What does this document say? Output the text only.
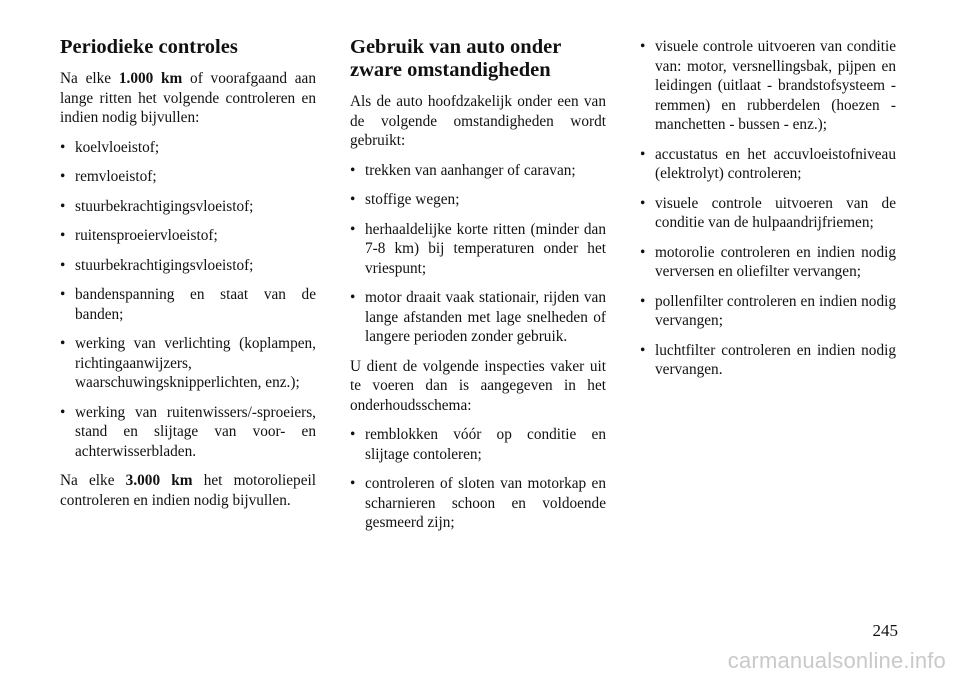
Periodieke controles

Na elke 1.000 km of voorafgaand aan lange ritten het volgende controleren en indien nodig bijvullen:

• koelvloeistof;
• remvloeistof;
• stuurbekrachtigingsvloeistof;
• ruitensproeiervloeistof;
• stuurbekrachtigingsvloeistof;
• bandenspanning en staat van de banden;
• werking van verlichting (koplampen, richtingaanwijzers, waarschuwingsknipperlichten, enz.);
• werking van ruitenwissers/-sproeiers, stand en slijtage van voor- en achterwisserbladen.

Na elke 3.000 km het motoroliepeil controleren en indien nodig bijvullen.

Gebruik van auto onder zware omstandigheden

Als de auto hoofdzakelijk onder een van de volgende omstandigheden wordt gebruikt:

• trekken van aanhanger of caravan;
• stoffige wegen;
• herhaaldelijke korte ritten (minder dan 7-8 km) bij temperaturen onder het vriespunt;
• motor draait vaak stationair, rijden van lange afstanden met lage snelheden of langere perioden zonder gebruik.

U dient de volgende inspecties vaker uit te voeren dan is aangegeven in het onderhoudsschema:

• remblokken vóór op conditie en slijtage contoleren;
• controleren of sloten van motorkap en scharnieren schoon en voldoende gesmeerd zijn;
• visuele controle uitvoeren van conditie van: motor, versnellingsbak, pijpen en leidingen (uitlaat - brandstofsysteem - remmen) en rubberdelen (hoezen - manchetten - bussen - enz.);
• accustatus en het accuvloeistofniveau (elektrolyt) controleren;
• visuele controle uitvoeren van de conditie van de hulpaandrijfriemen;
• motorolie controleren en indien nodig verversen en oliefilter vervangen;
• pollenfilter controleren en indien nodig vervangen;
• luchtfilter controleren en indien nodig vervangen.
245
carmanualsonline.info
